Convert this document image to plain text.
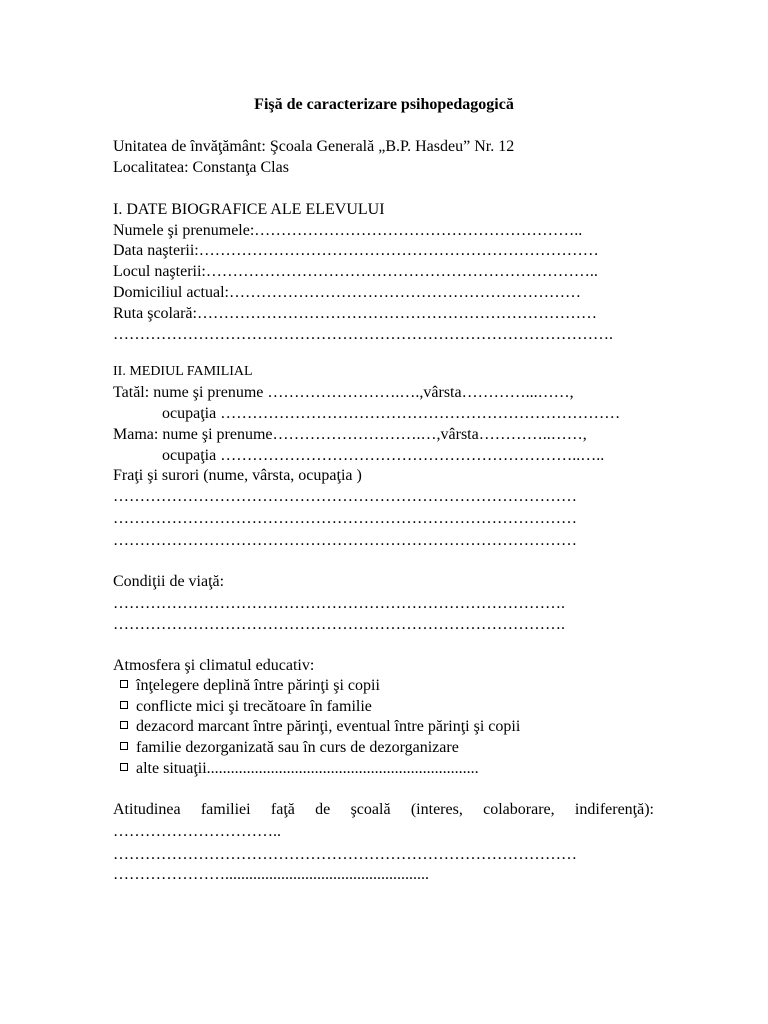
Fişă de caracterizare psihopedagogică
Unitatea de învăţământ: Şcoala Generală „B.P. Hasdeu” Nr. 12
Localitatea: Constanţa Clas
I. DATE BIOGRAFICE ALE ELEVULUI
Numele şi prenumele:……………………………………………………..
Data naşterii:…………………………………………………………………
Locul naşterii:………………………………………………………………..
Domiciliul actual:…………………………………………………………
Ruta şcolară:…………………………………………………………………
………………………………………………………………………………….
II. MEDIUL FAMILIAL
Tatăl: nume şi prenume …………………….….,vârsta…………...……,
ocupaţia …………………………………………………………………
Mama: nume şi prenume……………………….…,vârsta…………..……,
ocupaţia …………………………………………………………..…..
Fraţi şi surori (nume, vârsta, ocupaţia )
……………………………………………………………………………
……………………………………………………………………………
……………………………………………………………………………
Condiţii de viaţă:
………………………………………………………………………….
………………………………………………………………………….
Atmosfera şi climatul educativ:
înţelegere deplină între părinţi şi copii
conflicte mici şi trecătoare în familie
dezacord marcant între părinţi, eventual între părinţi şi copii
familie dezorganizată sau în curs de dezorganizare
alte situaţii....................................................................
Atitudinea familiei faţă de şcoală (interes, colaborare, indiferenţă):
…………………………..
……………………………………………………………………………
…………………...................................................
